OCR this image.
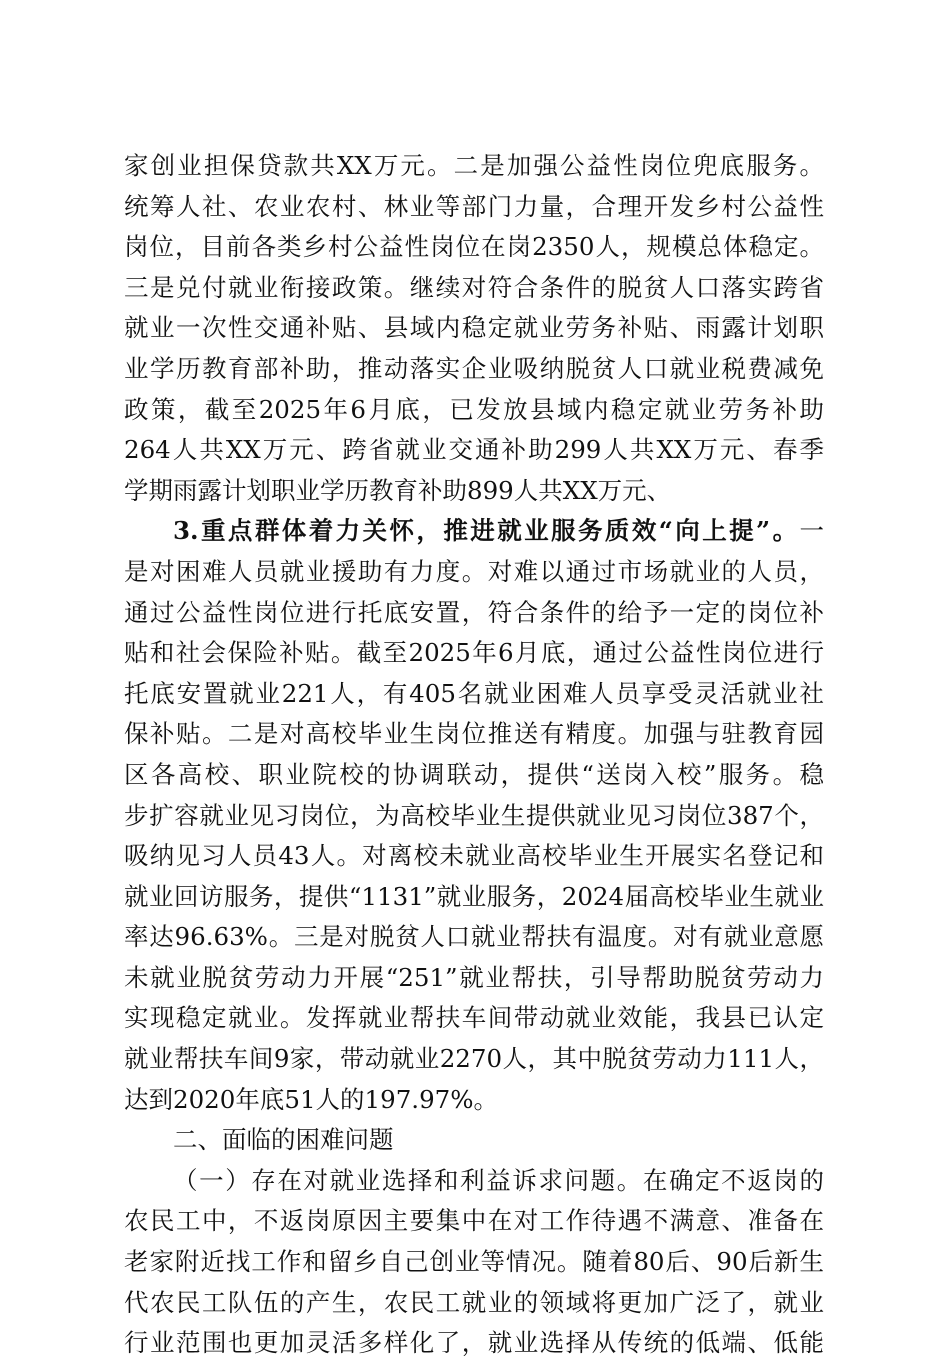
家创业担保贷款共XX万元。二是加强公益性岗位兜底服务。
统筹人社、农业农村、林业等部门力量，合理开发乡村公益性
岗位，目前各类乡村公益性岗位在岗2350人，规模总体稳定。
三是兑付就业衔接政策。继续对符合条件的脱贫人口落实跨省
就业一次性交通补贴、县域内稳定就业劳务补贴、雨露计划职
业学历教育部补助，推动落实企业吸纳脱贫人口就业税费减免
政策，截至2025年6月底，已发放县域内稳定就业劳务补助
264人共XX万元、跨省就业交通补助299人共XX万元、春季
学期雨露计划职业学历教育补助899人共XX万元、
3.重点群体着力关怀，推进就业服务质效“向上提”。一
是对困难人员就业援助有力度。对难以通过市场就业的人员，
通过公益性岗位进行托底安置，符合条件的给予一定的岗位补
贴和社会保险补贴。截至2025年6月底，通过公益性岗位进行
托底安置就业221人，有405名就业困难人员享受灵活就业社
保补贴。二是对高校毕业生岗位推送有精度。加强与驻教育园
区各高校、职业院校的协调联动，提供“送岗入校”服务。稳
步扩容就业见习岗位，为高校毕业生提供就业见习岗位387个，
吸纳见习人员43人。对离校未就业高校毕业生开展实名登记和
就业回访服务，提供“1131”就业服务，2024届高校毕业生就业
率达96.63%。三是对脱贫人口就业帮扶有温度。对有就业意愿
未就业脱贫劳动力开展“251”就业帮扶，引导帮助脱贫劳动力
实现稳定就业。发挥就业帮扶车间带动就业效能，我县已认定
就业帮扶车间9家，带动就业2270人，其中脱贫劳动力111人，
达到2020年底51人的197.97%。
二、面临的困难问题
（一）存在对就业选择和利益诉求问题。在确定不返岗的
农民工中，不返岗原因主要集中在对工作待遇不满意、准备在
老家附近找工作和留乡自己创业等情况。随着80后、90后新生
代农民工队伍的产生，农民工就业的领域将更加广泛了，就业
行业范围也更加灵活多样化了，就业选择从传统的低端、低能
